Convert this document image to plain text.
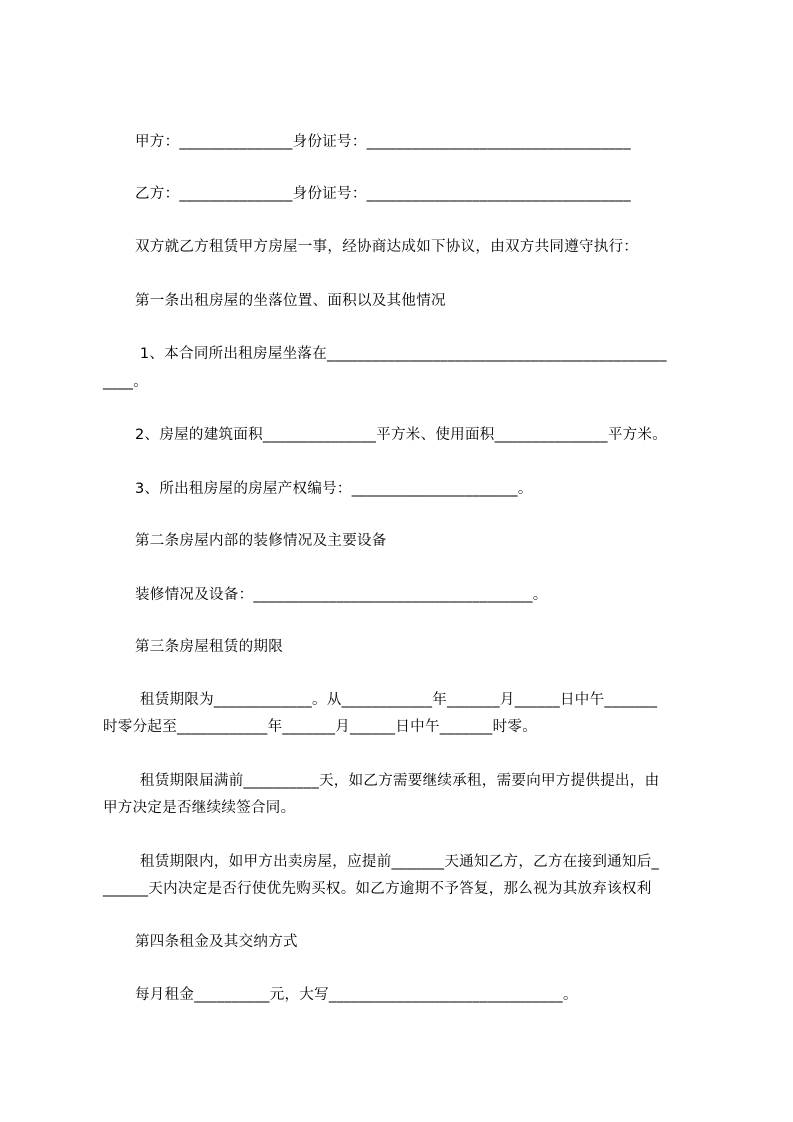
甲方：_______________身份证号：___________________________________
乙方：_______________身份证号：___________________________________
双方就乙方租赁甲方房屋一事，经协商达成如下协议，由双方共同遵守执行：
第一条出租房屋的坐落位置、面积以及其他情况
1、本合同所出租房屋坐落在_____________________________________________
____。
2、房屋的建筑面积_______________平方米、使用面积_______________平方米。
3、所出租房屋的房屋产权编号：______________________。
第二条房屋内部的装修情况及主要设备
装修情况及设备：_____________________________________。
第三条房屋租赁的期限
租赁期限为_____________。从____________年_______月______日中午_______
时零分起至____________年_______月______日中午_______时零。
租赁期限届满前__________天，如乙方需要继续承租，需要向甲方提供提出，由
甲方决定是否继续续签合同。
租赁期限内，如甲方出卖房屋，应提前_______天通知乙方，乙方在接到通知后_
______天内决定是否行使优先购买权。如乙方逾期不予答复，那么视为其放弃该权利
第四条租金及其交纳方式
每月租金__________元，大写_______________________________。
